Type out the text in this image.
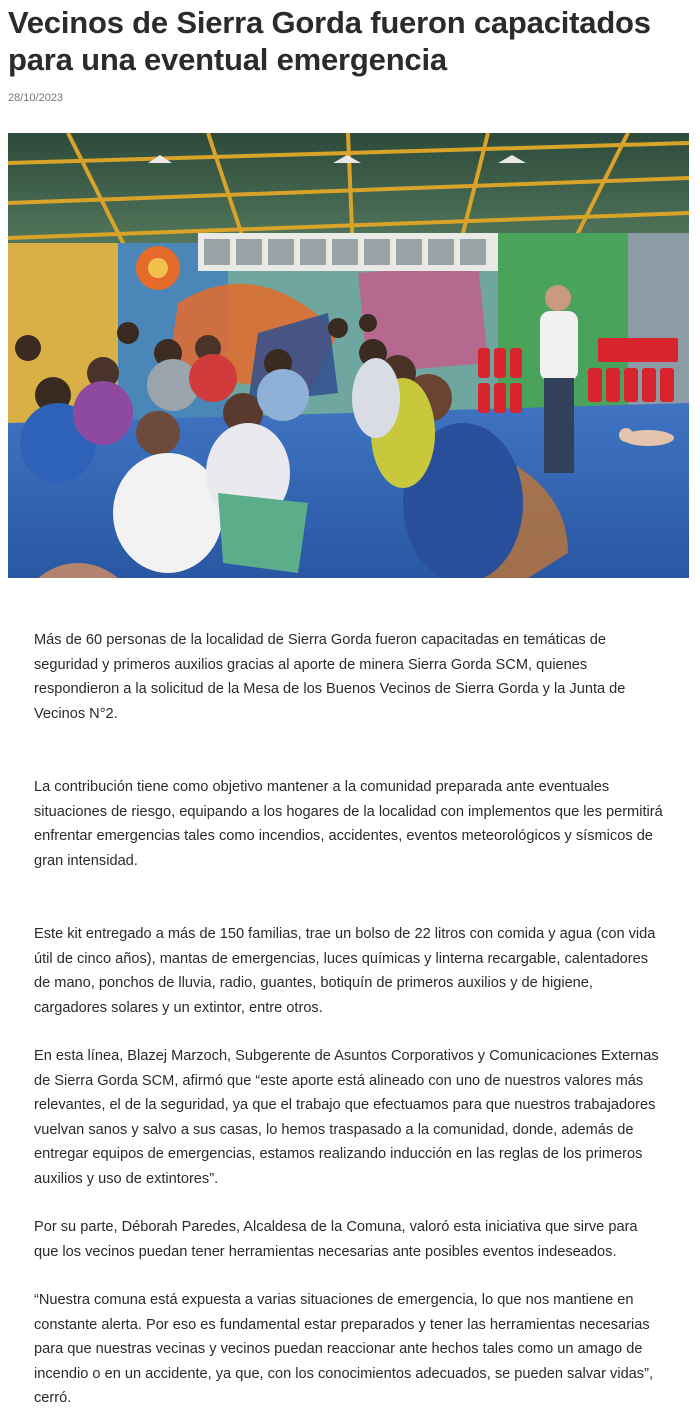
Vecinos de Sierra Gorda fueron capacitados para una eventual emergencia
28/10/2023

Más de 60 personas de la localidad de Sierra Gorda fueron capacitadas en temáticas de seguridad y primeros auxilios gracias al aporte de minera Sierra Gorda SCM, quienes respondieron a la solicitud de la Mesa de los Buenos Vecinos de Sierra Gorda y la Junta de Vecinos N°2.

La contribución tiene como objetivo mantener a la comunidad preparada ante eventuales situaciones de riesgo, equipando a los hogares de la localidad con implementos que les permitirá enfrentar emergencias tales como incendios, accidentes, eventos meteorológicos y sísmicos de gran intensidad.

Este kit entregado a más de 150 familias, trae un bolso de 22 litros con comida y agua (con vida útil de cinco años), mantas de emergencias, luces químicas y linterna recargable, calentadores de mano, ponchos de lluvia, radio, guantes, botiquín de primeros auxilios y de higiene, cargadores solares y un extintor, entre otros.

En esta línea, Blazej Marzoch, Subgerente de Asuntos Corporativos y Comunicaciones Externas de Sierra Gorda SCM, afirmó que “este aporte está alineado con uno de nuestros valores más relevantes, el de la seguridad, ya que el trabajo que efectuamos para que nuestros trabajadores vuelvan sanos y salvo a sus casas, lo hemos traspasado a la comunidad, donde, además de entregar equipos de emergencias, estamos realizando inducción en las reglas de los primeros auxilios y uso de extintores”.

Por su parte, Déborah Paredes, Alcaldesa de la Comuna, valoró esta iniciativa que sirve para que los vecinos puedan tener herramientas necesarias ante posibles eventos indeseados.

“Nuestra comuna está expuesta a varias situaciones de emergencia, lo que nos mantiene en constante alerta. Por eso es fundamental estar preparados y tener las herramientas necesarias para que nuestras vecinas y vecinos puedan reaccionar ante hechos tales como un amago de incendio o en un accidente, ya que, con los conocimientos adecuados, se pueden salvar vidas”, cerró.
